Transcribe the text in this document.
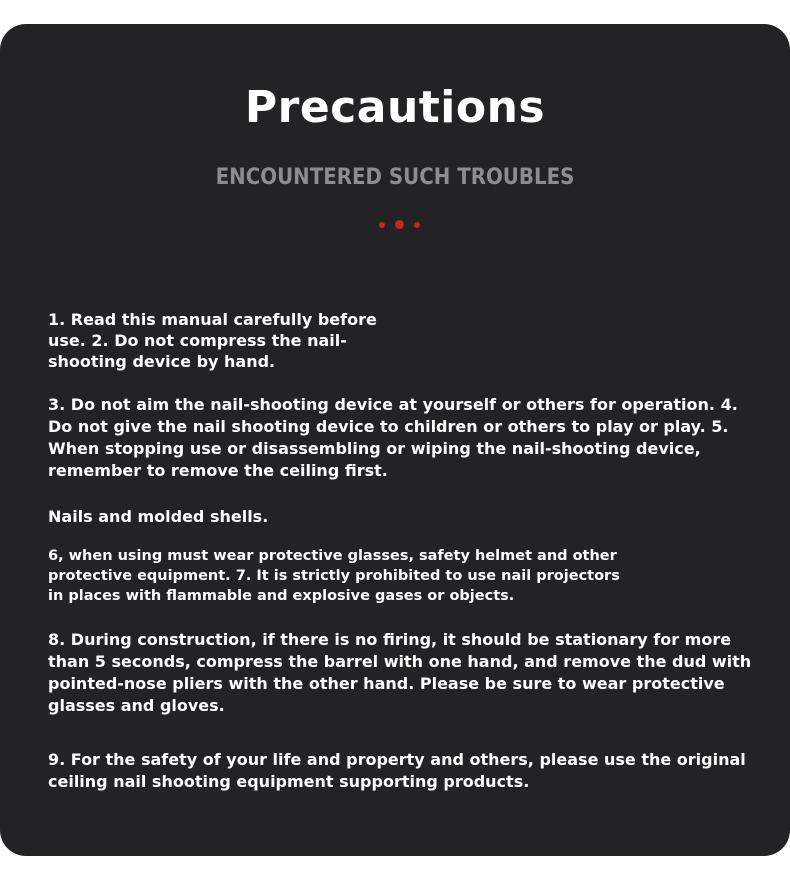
Precautions
ENCOUNTERED SUCH TROUBLES

1. Read this manual carefully before
use. 2. Do not compress the nail-
shooting device by hand.

3. Do not aim the nail-shooting device at yourself or others for operation. 4.
Do not give the nail shooting device to children or others to play or play. 5.
When stopping use or disassembling or wiping the nail-shooting device,
remember to remove the ceiling first.

Nails and molded shells.

6, when using must wear protective glasses, safety helmet and other
protective equipment. 7. It is strictly prohibited to use nail projectors
in places with flammable and explosive gases or objects.

8. During construction, if there is no firing, it should be stationary for more
than 5 seconds, compress the barrel with one hand, and remove the dud with
pointed-nose pliers with the other hand. Please be sure to wear protective
glasses and gloves.

9. For the safety of your life and property and others, please use the original
ceiling nail shooting equipment supporting products.
